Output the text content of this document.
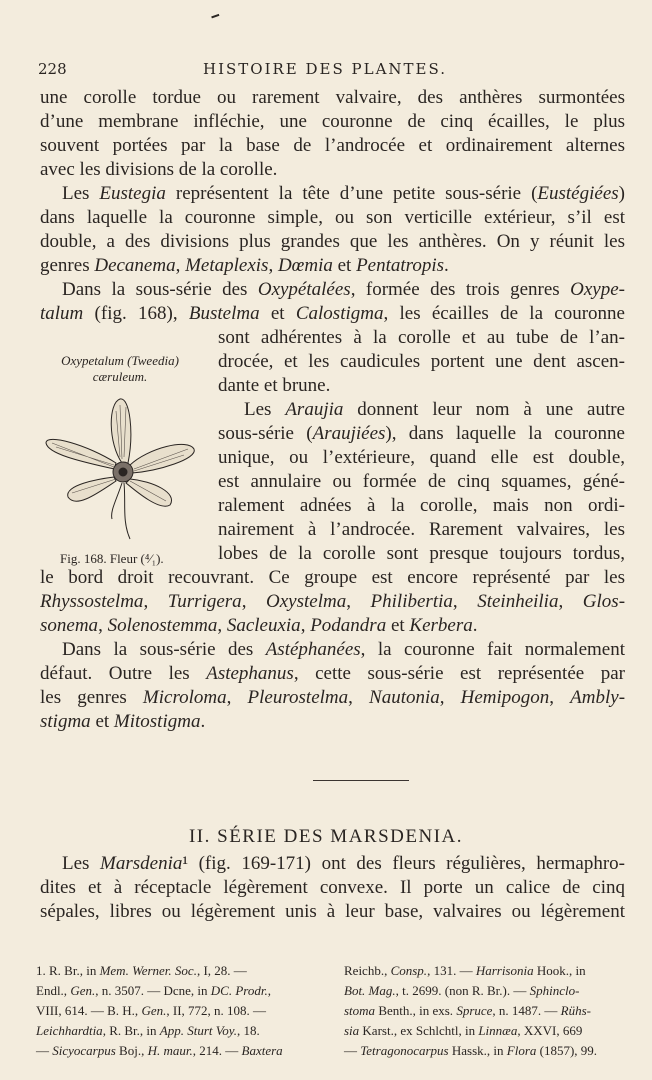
228	HISTOIRE DES PLANTES.
une corolle tordue ou rarement valvaire, des anthères surmontées
d’une membrane infléchie, une couronne de cinq écailles, le plus
souvent portées par la base de l’androcée et ordinairement alternes
avec les divisions de la corolle.
Les Eustegia représentent la tête d’une petite sous-série (Eustégiées)
dans laquelle la couronne simple, ou son verticille extérieur, s’il est
double, a des divisions plus grandes que les anthères. On y réunit les
genres Decanema, Metaplexis, Dœmia et Pentatropis.
Dans la sous-série des Oxypétalées, formée des trois genres Oxype-
talum (fig. 168), Bustelma et Calostigma, les écailles de la couronne
sont adhérentes à la corolle et au tube de l’an-
drocée, et les caudicules portent une dent ascen-
dante et brune.
Les Araujia donnent leur nom à une autre
sous-série (Araujiées), dans laquelle la couronne
unique, ou l’extérieure, quand elle est double,
est annulaire ou formée de cinq squames, géné-
ralement adnées à la corolle, mais non ordi-
nairement à l’androcée. Rarement valvaires, les
lobes de la corolle sont presque toujours tordus,
le bord droit recouvrant. Ce groupe est encore représenté par les
Rhyssostelma, Turrigera, Oxystelma, Philibertia, Steinheilia, Glos-
sonema, Solenostemma, Sacleuxia, Podandra et Kerbera.
Dans la sous-série des Astéphanées, la couronne fait normalement
défaut. Outre les Astephanus, cette sous-série est représentée par
les genres Microloma, Pleurostelma, Nautonia, Hemipogon, Ambly-
stigma et Mitostigma.
Les Marsdenia¹ (fig. 169-171) ont des fleurs régulières, hermaphro-
dites et à réceptacle légèrement convexe. Il porte un calice de cinq
sépales, libres ou légèrement unis à leur base, valvaires ou légèrement
Oxypetalum (Tweedia)
cæruleum.
Fig. 168. Fleur (⁴⁄₁).
II. SÉRIE DES MARSDENIA.
1. R. Br., in Mem. Werner. Soc., I, 28. —
Endl., Gen., n. 3507. — Dcne, in DC. Prodr.,
VIII, 614. — B. H., Gen., II, 772, n. 108. —
Leichhardtia, R. Br., in App. Sturt Voy., 18.
— Sicyocarpus Boj., H. maur., 214. — Baxtera
Reichb., Consp., 131. — Harrisonia Hook., in
Bot. Mag., t. 2699. (non R. Br.). — Sphinclo-
stoma Benth., in exs. Spruce, n. 1487. — Rühs-
sia Karst., ex Schlchtl, in Linnæa, XXVI, 669
— Tetragonocarpus Hassk., in Flora (1857), 99.
